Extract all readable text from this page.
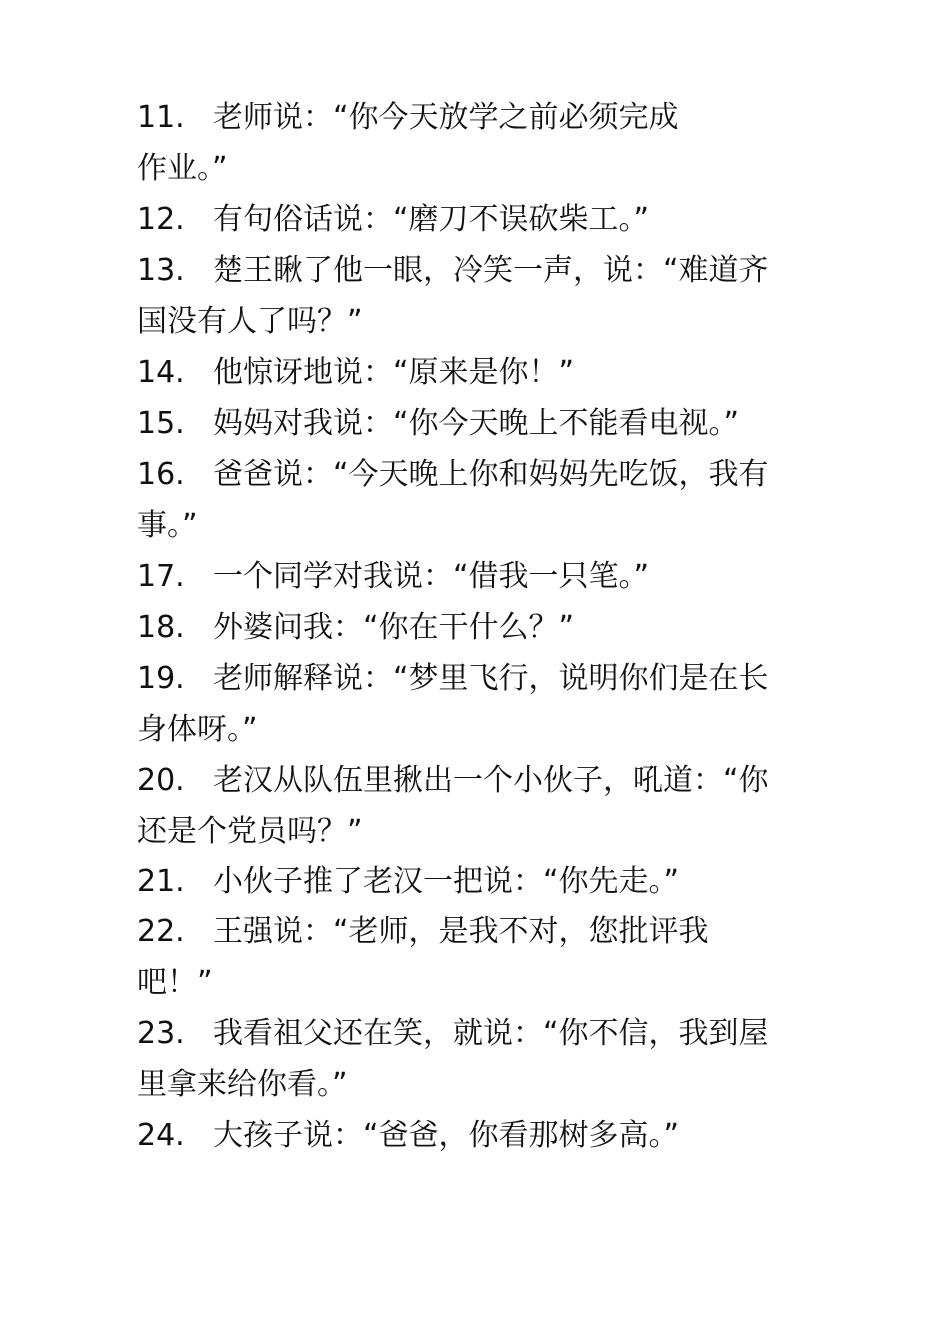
11. 老师说：“你今天放学之前必须完成
作业。”
12. 有句俗话说：“磨刀不误砍柴工。”
13. 楚王瞅了他一眼，冷笑一声，说：“难道齐
国没有人了吗？”
14. 他惊讶地说：“原来是你！”
15. 妈妈对我说：“你今天晚上不能看电视。”
16. 爸爸说：“今天晚上你和妈妈先吃饭，我有
事。”
17. 一个同学对我说：“借我一只笔。”
18. 外婆问我：“你在干什么？”
19. 老师解释说：“梦里飞行，说明你们是在长
身体呀。”
20. 老汉从队伍里揪出一个小伙子，吼道：“你
还是个党员吗？”
21. 小伙子推了老汉一把说：“你先走。”
22. 王强说：“老师，是我不对，您批评我
吧！”
23. 我看祖父还在笑，就说：“你不信，我到屋
里拿来给你看。”
24. 大孩子说：“爸爸，你看那树多高。”
